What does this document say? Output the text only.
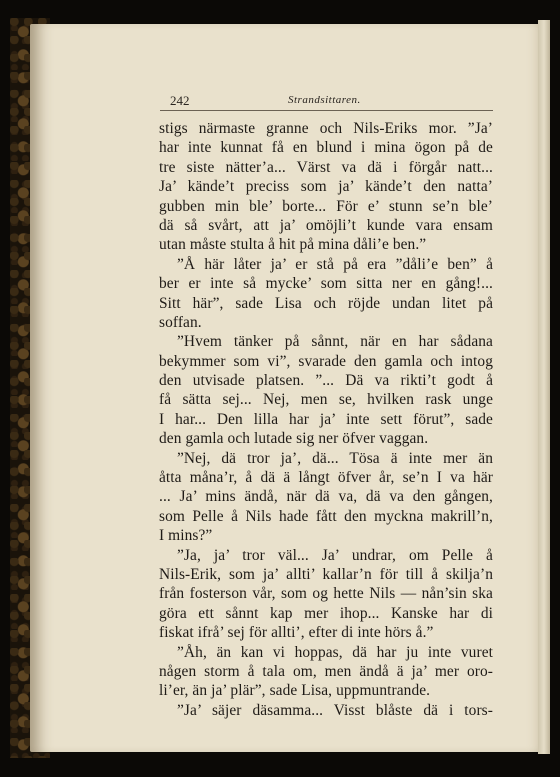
242	Strandsittaren.
stigs närmaste granne och Nils-Eriks mor. ”Ja’
har inte kunnat få en blund i mina ögon på de
tre siste nätter’a... Värst va dä i förgår natt...
Ja’ kände’t preciss som ja’ kände’t den natta’
gubben min ble’ borte... För e’ stunn se’n ble’
dä så svårt, att ja’ omöjli’t kunde vara ensam
utan måste stulta å hit på mina dåli’e ben.”
”Å här låter ja’ er stå på era ”dåli’e ben” å
ber er inte så mycke’ som sitta ner en gång!...
Sitt här”, sade Lisa och röjde undan litet på
soffan.
”Hvem tänker på sånnt, när en har sådana
bekymmer som vi”, svarade den gamla och intog
den utvisade platsen. ”... Dä va rikti’t godt å
få sätta sej... Nej, men se, hvilken rask unge
I har... Den lilla har ja’ inte sett förut”, sade
den gamla och lutade sig ner öfver vaggan.
”Nej, dä tror ja’, dä... Tösa ä inte mer än
åtta måna’r, å dä ä långt öfver år, se’n I va här
... Ja’ mins ändå, när dä va, dä va den gången,
som Pelle å Nils hade fått den myckna makrill’n,
I mins?”
”Ja, ja’ tror väl... Ja’ undrar, om Pelle å
Nils-Erik, som ja’ allti’ kallar’n för till å skilja’n
från fosterson vår, som og hette Nils — nån’sin ska
göra ett sånnt kap mer ihop... Kanske har di
fiskat ifrå’ sej för allti’, efter di inte hörs å.”
”Åh, än kan vi hoppas, dä har ju inte vuret
någen storm å tala om, men ändå ä ja’ mer oro-
li’er, än ja’ plär”, sade Lisa, uppmuntrande.
”Ja’ säjer däsamma... Visst blåste dä i tors-
